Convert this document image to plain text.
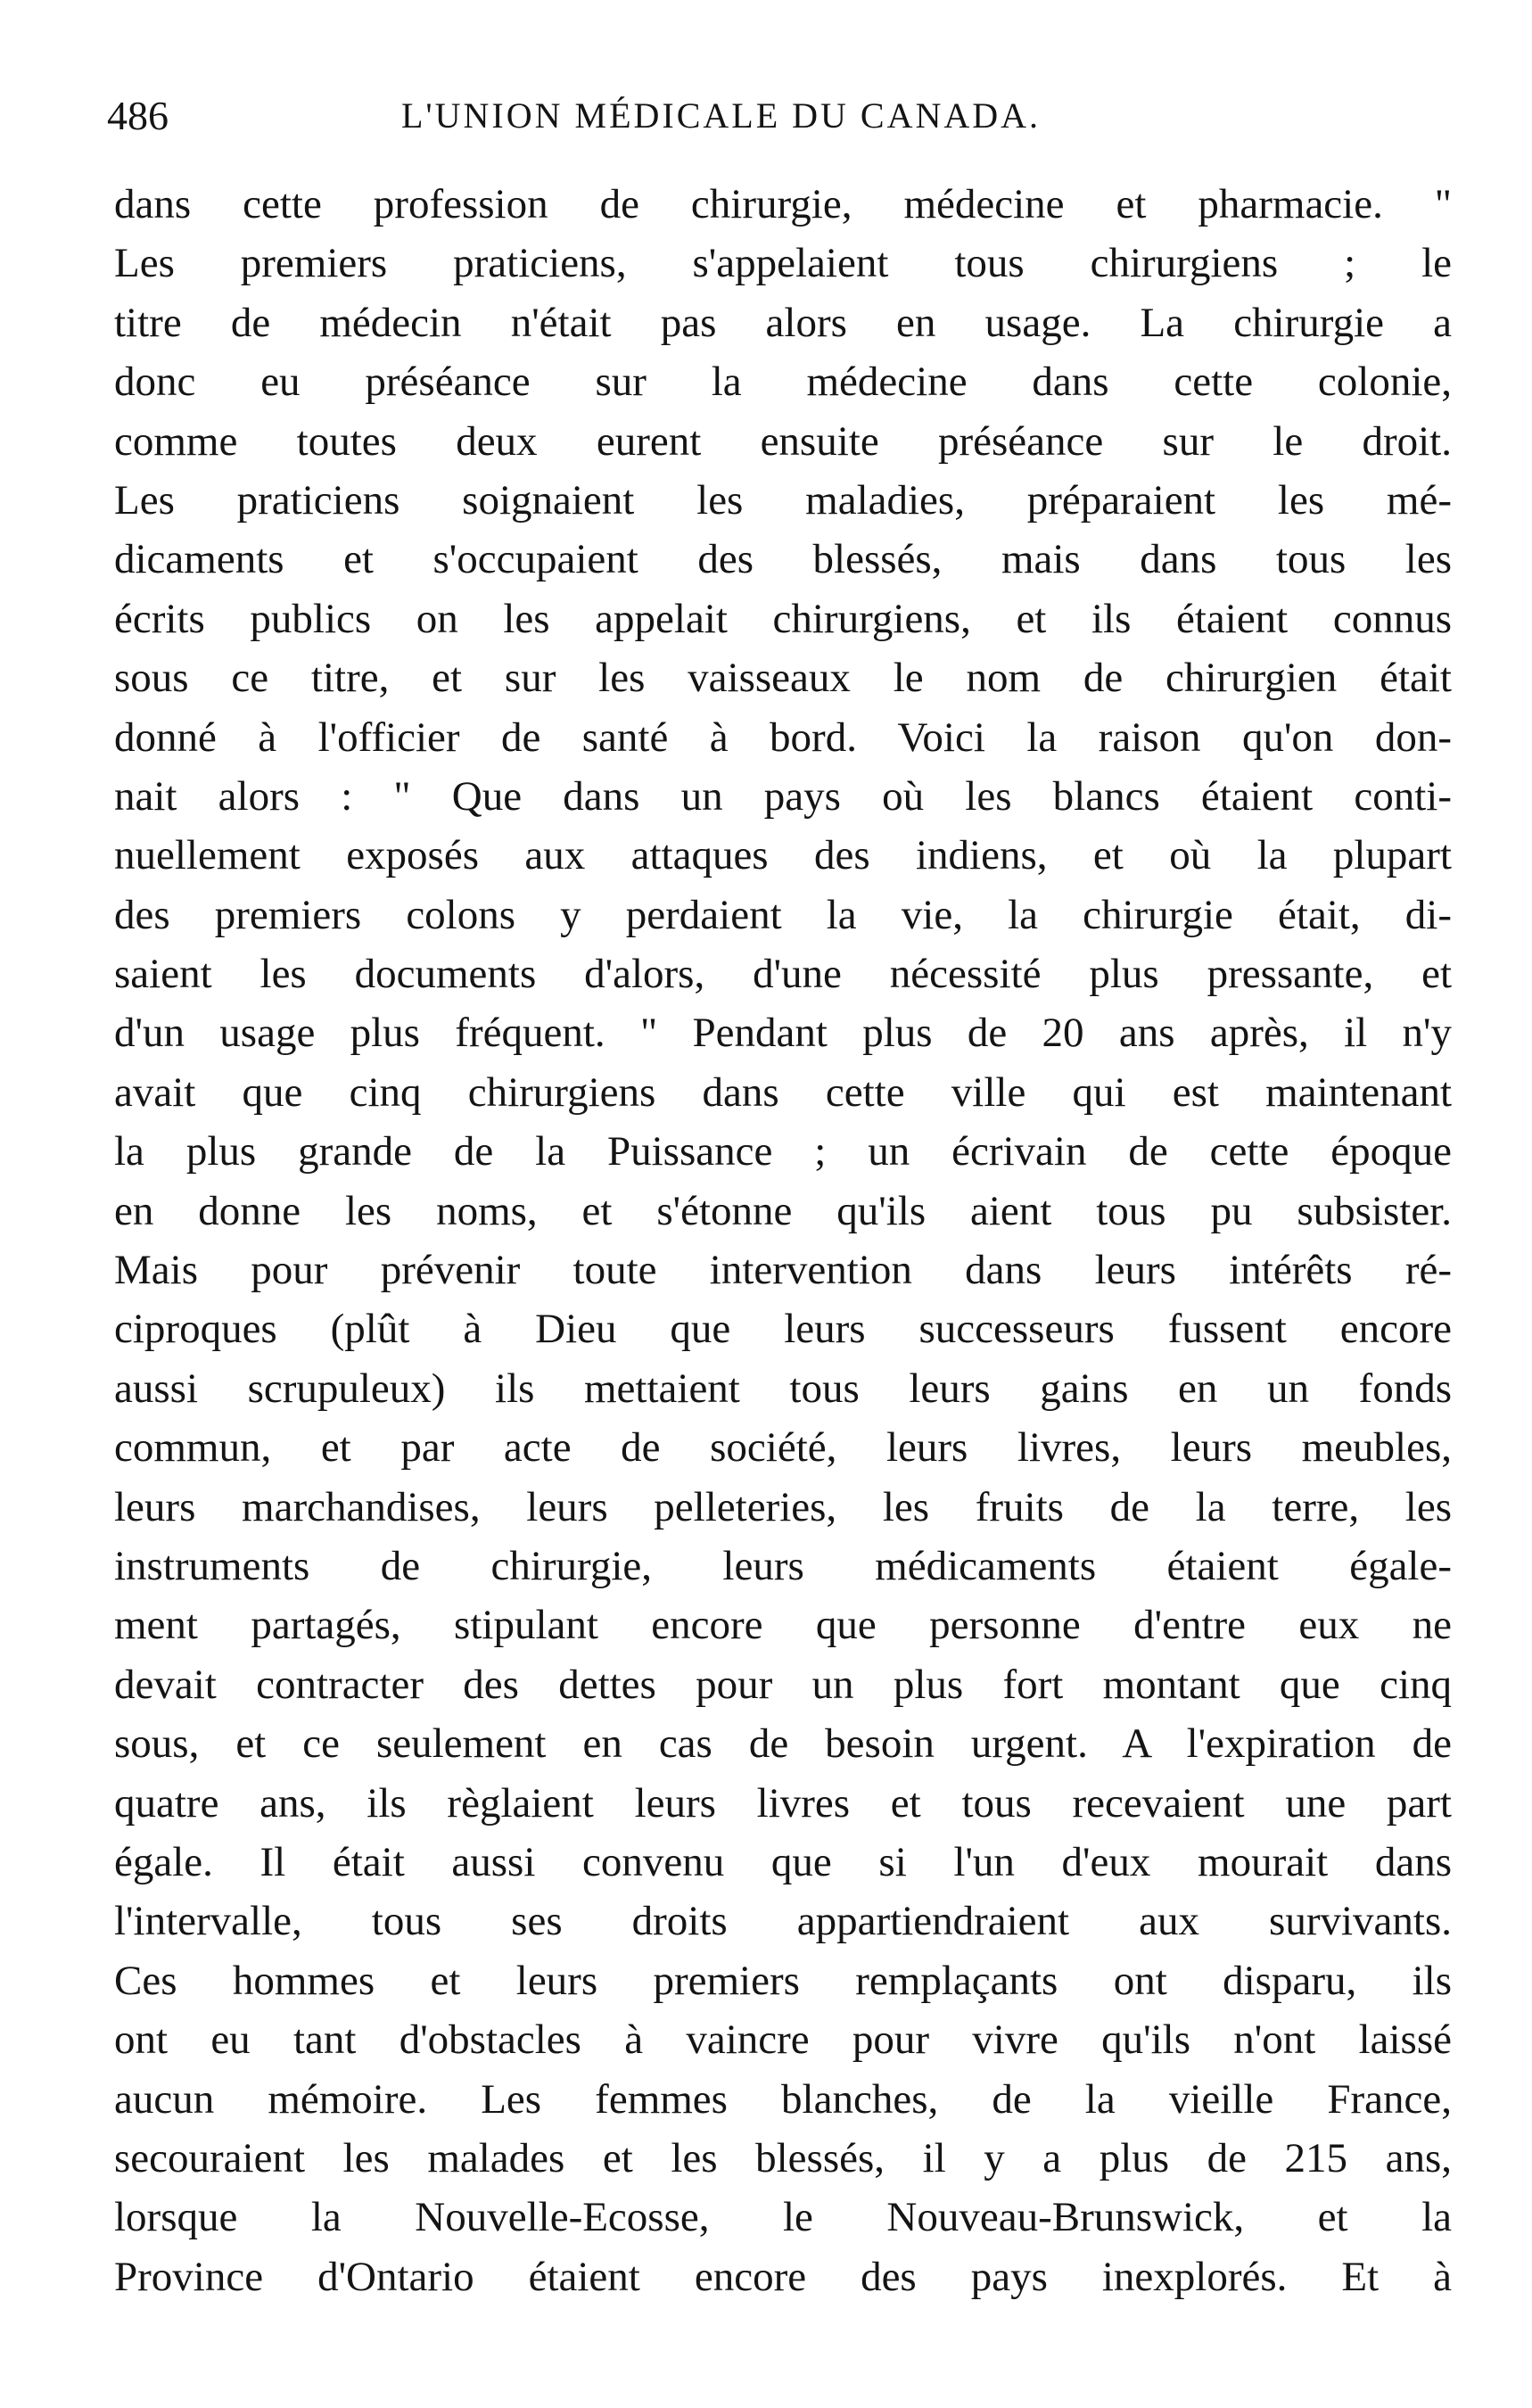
486	L'UNION MÉDICALE DU CANADA.
dans cette profession de chirurgie, médecine et pharmacie. "
Les premiers praticiens, s'appelaient tous chirurgiens ; le
titre de médecin n'était pas alors en usage. La chirurgie a
donc eu préséance sur la médecine dans cette colonie,
comme toutes deux eurent ensuite préséance sur le droit.
Les praticiens soignaient les maladies, préparaient les mé-
dicaments et s'occupaient des blessés, mais dans tous les
écrits publics on les appelait chirurgiens, et ils étaient connus
sous ce titre, et sur les vaisseaux le nom de chirurgien était
donné à l'officier de santé à bord. Voici la raison qu'on don-
nait alors : " Que dans un pays où les blancs étaient conti-
nuellement exposés aux attaques des indiens, et où la plupart
des premiers colons y perdaient la vie, la chirurgie était, di-
saient les documents d'alors, d'une nécessité plus pressante, et
d'un usage plus fréquent. " Pendant plus de 20 ans après, il n'y
avait que cinq chirurgiens dans cette ville qui est maintenant
la plus grande de la Puissance ; un écrivain de cette époque
en donne les noms, et s'étonne qu'ils aient tous pu subsister.
Mais pour prévenir toute intervention dans leurs intérêts ré-
ciproques (plût à Dieu que leurs successeurs fussent encore
aussi scrupuleux) ils mettaient tous leurs gains en un fonds
commun, et par acte de société, leurs livres, leurs meubles,
leurs marchandises, leurs pelleteries, les fruits de la terre, les
instruments de chirurgie, leurs médicaments étaient égale-
ment partagés, stipulant encore que personne d'entre eux ne
devait contracter des dettes pour un plus fort montant que cinq
sous, et ce seulement en cas de besoin urgent. A l'expiration de
quatre ans, ils règlaient leurs livres et tous recevaient une part
égale. Il était aussi convenu que si l'un d'eux mourait dans
l'intervalle, tous ses droits appartiendraient aux survivants.
Ces hommes et leurs premiers remplaçants ont disparu, ils
ont eu tant d'obstacles à vaincre pour vivre qu'ils n'ont laissé
aucun mémoire. Les femmes blanches, de la vieille France,
secouraient les malades et les blessés, il y a plus de 215 ans,
lorsque la Nouvelle-Ecosse, le Nouveau-Brunswick, et la
Province d'Ontario étaient encore des pays inexplorés. Et à
